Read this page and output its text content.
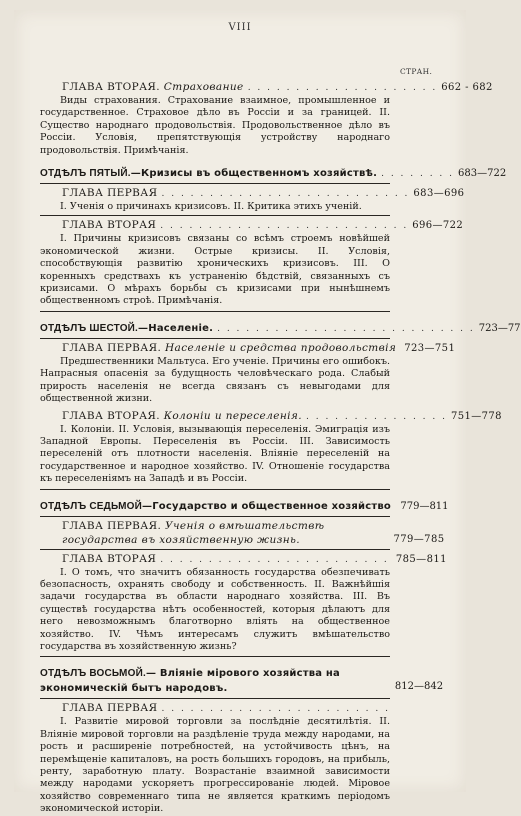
VIII
СТРАН.
ГЛАВА ВТОРАЯ. Страхование . . . . . . . . . . . . . . . . . . . . 662 - 682

Виды страхования. Страхование взаимное, промышленное и государственное. Страховое дѣло въ Россіи и за границей. II. Существо народнаго продовольствія. Продовольственное дѣло въ Россіи. Условія, препятствующія устройству народнаго продовольствія. Примѣчанія.

ОТДѢЛЪ ПЯТЫЙ.—Кризисы въ общественномъ хозяйствѣ. . . . . . . . . 683—722
ГЛАВА ПЕРВАЯ . . . . . . . . . . . . . . . . . . . . . . . . . . 683—696

I. Ученія о причинахъ кризисовъ. II. Критика этихъ ученій.

ГЛАВА ВТОРАЯ . . . . . . . . . . . . . . . . . . . . . . . . . . 696—722

I. Причины кризисовъ связаны со всѣмъ строемъ новѣйшей экономической жизни. Острые кризисы. II. Условія, способствующія развитію хроническихъ кризисовъ. III. О коренныхъ средствахъ къ устраненію бѣдствій, связанныхъ съ кризисами. О мѣрахъ борьбы съ кризисами при нынѣшнемъ общественномъ строѣ. Примѣчанія.

ОТДѢЛЪ ШЕСТОЙ.—Населеніе. . . . . . . . . . . . . . . . . . . . . . . . . . . . 723—77
ГЛАВА ПЕРВАЯ. Населеніе и средства продовольствія 723—751

Предшественники Мальтуса. Его ученіе. Причины его ошибокъ. Напрасныя опасенія за будущность человѣческаго рода. Слабый прирость населенія не всегда связанъ съ невыгодами для общественной жизни.

ГЛАВА ВТОРАЯ. Колоніи и переселенія. . . . . . . . . . . . . . . . 751—778

I. Колоніи. II. Условія, вызывающія переселенія. Эмиграція изъ Западной Европы. Переселенія въ Россіи. III. Зависимость переселеній отъ плотности населенія. Вліяніе переселеній на государственное и народное хозяйство. IV. Отношеніе государства къ переселеніямъ на Западѣ и въ Россіи.

ОТДѢЛЪ СЕДЬМОЙ—Государство и общественное хозяйство 779—811
ГЛАВА ПЕРВАЯ. Ученія о вмѣшательствѣ государства въ хозяйственную жизнь.	779—785
ГЛАВА ВТОРАЯ . . . . . . . . . . . . . . . . . . . . . . . . 785—811

I. О томъ, что значитъ обязанность государства обезпечивать безопасность, охранять свободу и собственность. II. Важнѣйшія задачи государства въ области народнаго хозяйства. III. Въ существѣ государства нѣтъ особенностей, которыя дѣлаютъ для него невозможнымъ благотворно вліять на общественное хозяйство. IV. Чѣмъ интересамъ служитъ вмѣшательство государства въ хозяйственную жизнь?

ОТДѢЛЪ ВОСЬМОЙ.— Вліяніе мірового хозяйства на экономическій бытъ народовъ.	812—842
ГЛАВА ПЕРВАЯ . . . . . . . . . . . . . . . . . . . . . . . .

I. Развитіе мировой торговли за послѣдніе десятилѣтія. II. Вліяніе мировой торговли на раздѣленіе труда между народами, на рость и расширеніе потребностей, на устойчивость цѣнъ, на перемѣщеніе капиталовъ, на рость большихъ городовъ, на прибыль, ренту, заработную плату. Возрастаніе взаимной зависимости между народами ускоряетъ прогрессированіе людей. Міровое хозяйство современнаго типа не является краткимъ періодомъ экономической исторіи.
